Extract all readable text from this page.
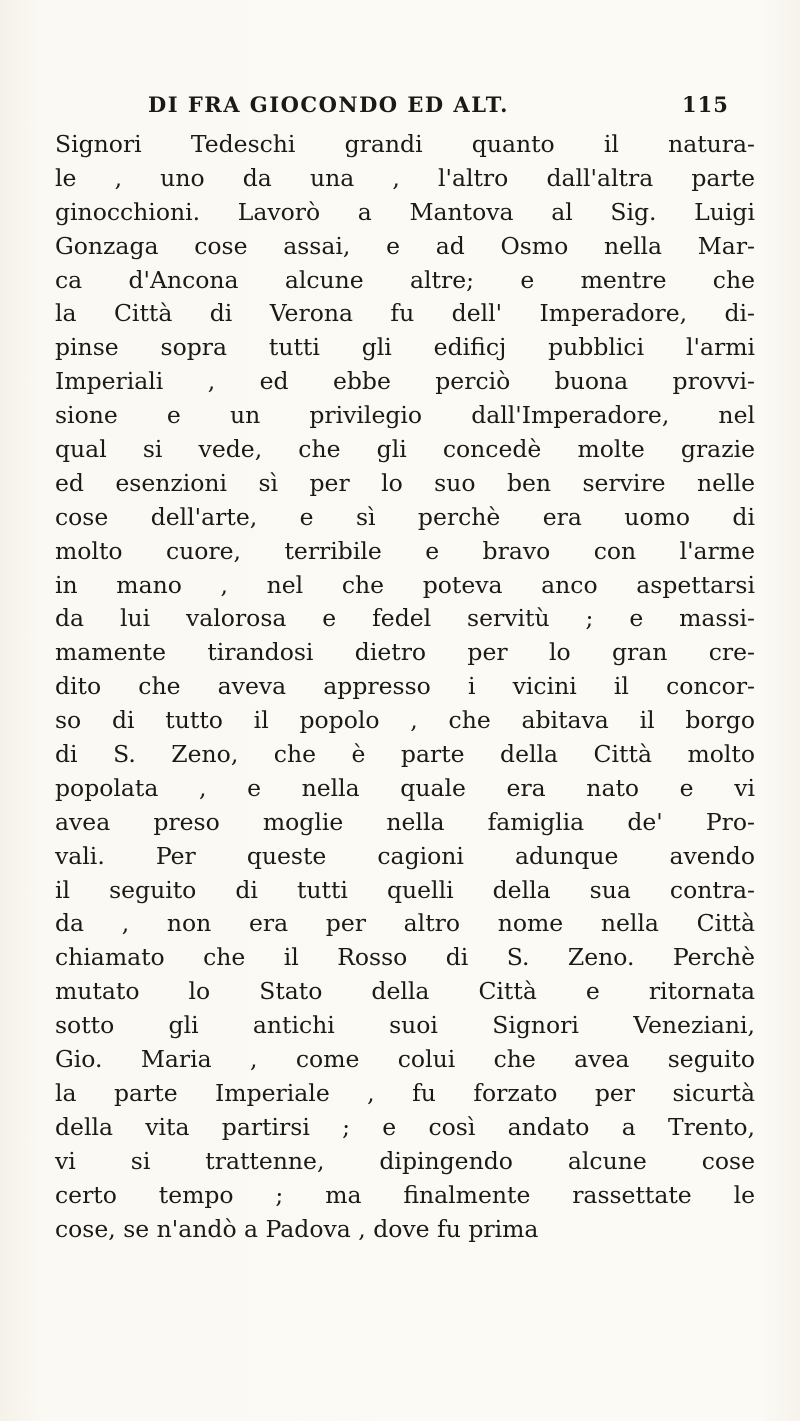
DI FRA GIOCONDO ED ALT.	115
Signori Tedeschi grandi quanto il natura-
le , uno da una , l'altro dall'altra parte
ginocchioni. Lavorò a Mantova al Sig. Luigi
Gonzaga cose assai, e ad Osmo nella Mar-
ca d'Ancona alcune altre; e mentre che
la Città di Verona fu dell' Imperadore, di-
pinse sopra tutti gli edificj pubblici l'armi
Imperiali , ed ebbe perciò buona provvi-
sione e un privilegio dall'Imperadore, nel
qual si vede, che gli concedè molte grazie
ed esenzioni sì per lo suo ben servire nelle
cose dell'arte, e sì perchè era uomo di
molto cuore, terribile e bravo con l'arme
in mano , nel che poteva anco aspettarsi
da lui valorosa e fedel servitù ; e massi-
mamente tirandosi dietro per lo gran cre-
dito che aveva appresso i vicini il concor-
so di tutto il popolo , che abitava il borgo
di S. Zeno, che è parte della Città molto
popolata , e nella quale era nato e vi
avea preso moglie nella famiglia de' Pro-
vali. Per queste cagioni adunque avendo
il seguito di tutti quelli della sua contra-
da , non era per altro nome nella Città
chiamato che il Rosso di S. Zeno. Perchè
mutato lo Stato della Città e ritornata
sotto gli antichi suoi Signori Veneziani,
Gio. Maria , come colui che avea seguito
la parte Imperiale , fu forzato per sicurtà
della vita partirsi ; e così andato a Trento,
vi si trattenne, dipingendo alcune cose
certo tempo ; ma finalmente rassettate le
cose, se n'andò a Padova , dove fu prima
